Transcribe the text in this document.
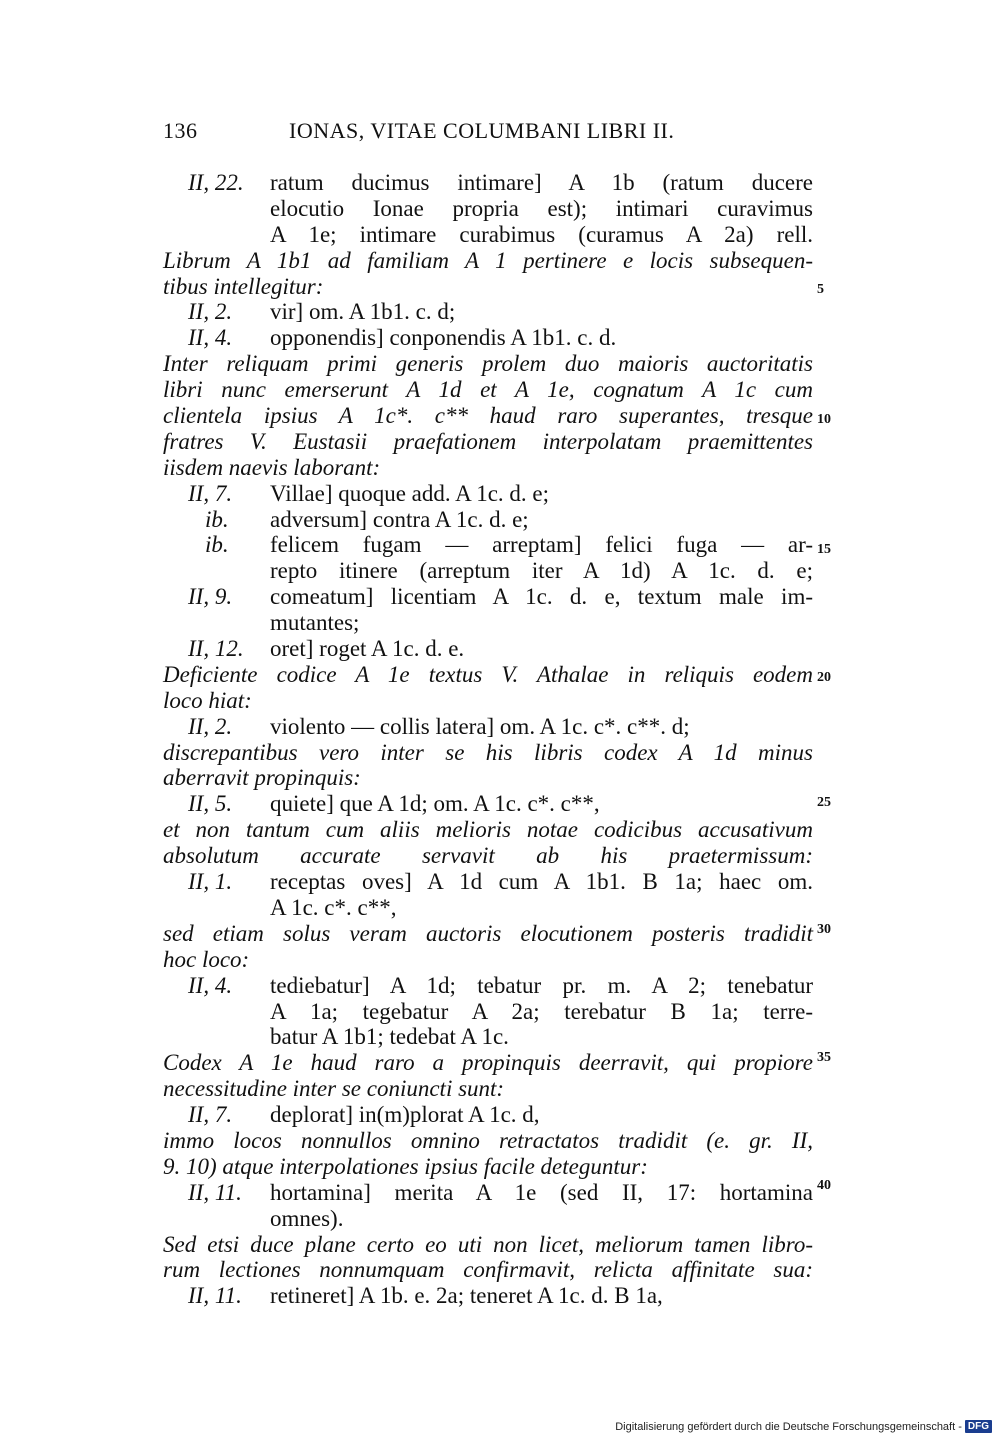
136	IONAS, VITAE COLUMBANI LIBRI II.
5
10
15
20
25
30
35
40
II, 22. ratum ducimus intimare] A 1b (ratum ducere
elocutio Ionae propria est); intimari curavimus
A 1e; intimare curabimus (curamus A 2a) rell.
Librum A 1b1 ad familiam A 1 pertinere e locis subsequen-
tibus intellegitur:
II, 2. vir] om. A 1b1. c. d;
II, 4. opponendis] conponendis A 1b1. c. d.
Inter reliquam primi generis prolem duo maioris auctoritatis
libri nunc emerserunt A 1d et A 1e, cognatum A 1c cum
clientela ipsius A 1c*. c** haud raro superantes, tresque
fratres V. Eustasii praefationem interpolatam praemittentes
iisdem naevis laborant:
II, 7. Villae] quoque add. A 1c. d. e;
ib. adversum] contra A 1c. d. e;
ib. felicem fugam — arreptam] felici fuga — ar-
repto itinere (arreptum iter A 1d) A 1c. d. e;
II, 9. comeatum] licentiam A 1c. d. e, textum male im-
mutantes;
II, 12. oret] roget A 1c. d. e.
Deficiente codice A 1e textus V. Athalae in reliquis eodem
loco hiat:
II, 2. violento — collis latera] om. A 1c. c*. c**. d;
discrepantibus vero inter se his libris codex A 1d minus
aberravit propinquis:
II, 5. quiete] que A 1d; om. A 1c. c*. c**,
et non tantum cum aliis melioris notae codicibus accusativum
absolutum accurate servavit ab his praetermissum:
II, 1. receptas oves] A 1d cum A 1b1. B 1a; haec om.
A 1c. c*. c**,
sed etiam solus veram auctoris elocutionem posteris tradidit
hoc loco:
II, 4. tediebatur] A 1d; tebatur pr. m. A 2; tenebatur
A 1a; tegebatur A 2a; terebatur B 1a; terre-
batur A 1b1; tedebat A 1c.
Codex A 1e haud raro a propinquis deerravit, qui propiore
necessitudine inter se coniuncti sunt:
II, 7. deplorat] in(m)plorat A 1c. d,
immo locos nonnullos omnino retractatos tradidit (e. gr. II,
9. 10) atque interpolationes ipsius facile deteguntur:
II, 11. hortamina] merita A 1e (sed II, 17: hortamina
omnes).
Sed etsi duce plane certo eo uti non licet, meliorum tamen libro-
rum lectiones nonnumquam confirmavit, relicta affinitate sua:
II, 11. retineret] A 1b. e. 2a; teneret A 1c. d. B 1a,
Digitalisierung gefördert durch die Deutsche Forschungsgemeinschaft - DFG
